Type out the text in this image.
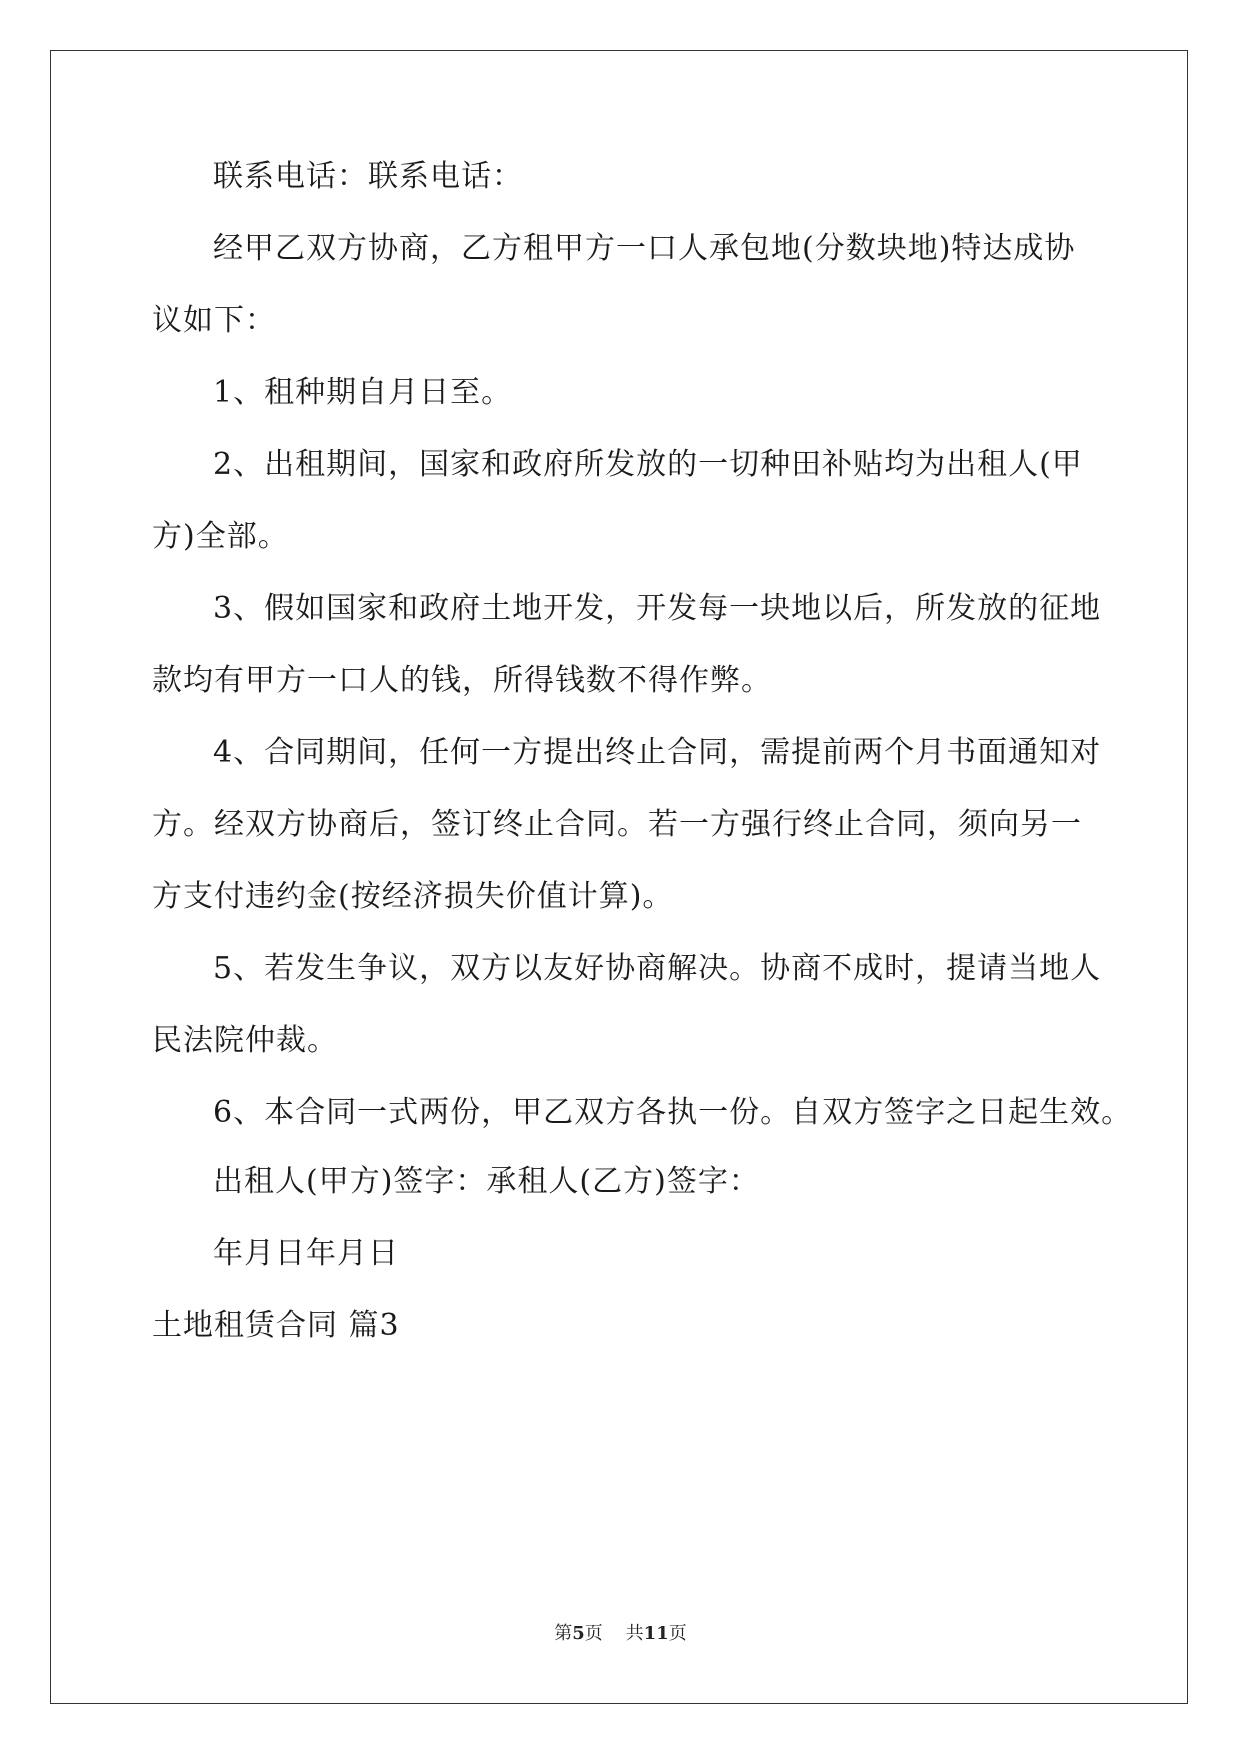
联系电话：联系电话：
经甲乙双方协商，乙方租甲方一口人承包地(分数块地)特达成协
议如下：
1、租种期自月日至。
2、出租期间，国家和政府所发放的一切种田补贴均为出租人(甲
方)全部。
3、假如国家和政府土地开发，开发每一块地以后，所发放的征地
款均有甲方一口人的钱，所得钱数不得作弊。
4、合同期间，任何一方提出终止合同，需提前两个月书面通知对
方。经双方协商后，签订终止合同。若一方强行终止合同，须向另一
方支付违约金(按经济损失价值计算)。
5、若发生争议，双方以友好协商解决。协商不成时，提请当地人
民法院仲裁。
6、本合同一式两份，甲乙双方各执一份。自双方签字之日起生效。
出租人(甲方)签字：承租人(乙方)签字：
年月日年月日
土地租赁合同 篇3
第5页 共11页
